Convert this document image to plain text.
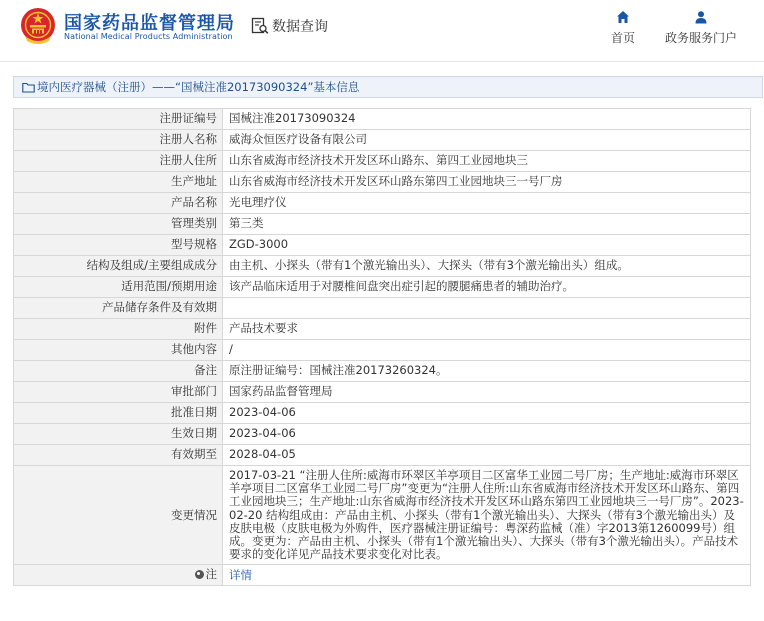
国家药品监督管理局
National Medical Products Administration
数据查询
首页 政务服务门户
境内医疗器械（注册）——“国械注准20173090324”基本信息
注册证编号	国械注准20173090324
注册人名称	威海众恒医疗设备有限公司
注册人住所	山东省威海市经济技术开发区环山路东、第四工业园地块三
生产地址	山东省威海市经济技术开发区环山路东第四工业园地块三一号厂房
产品名称	光电理疗仪
管理类别	第三类
型号规格	ZGD-3000
结构及组成/主要组成成分	由主机、小探头（带有1个激光输出头）、大探头（带有3个激光输出头）组成。
适用范围/预期用途	该产品临床适用于对腰椎间盘突出症引起的腰腿痛患者的辅助治疗。
产品储存条件及有效期	
附件	产品技术要求
其他内容	/
备注	原注册证编号：国械注准20173260324。
审批部门	国家药品监督管理局
批准日期	2023-04-06
生效日期	2023-04-06
有效期至	2028-04-05
变更情况	2017-03-21 “注册人住所:威海市环翠区羊亭项目二区富华工业园二号厂房；生产地址:威海市环翠区羊亭项目二区富华工业园二号厂房”变更为“注册人住所:山东省威海市经济技术开发区环山路东、第四工业园地块三；生产地址:山东省威海市经济技术开发区环山路东第四工业园地块三一号厂房”。2023-02-20 结构组成由：产品由主机、小探头（带有1个激光输出头）、大探头（带有3个激光输出头）及皮肤电极（皮肤电极为外购件，医疗器械注册证编号：粤深药监械（准）字2013第1260099号）组成。变更为：产品由主机、小探头（带有1个激光输出头）、大探头（带有3个激光输出头）。产品技术要求的变化详见产品技术要求变化对比表。

注	详情
